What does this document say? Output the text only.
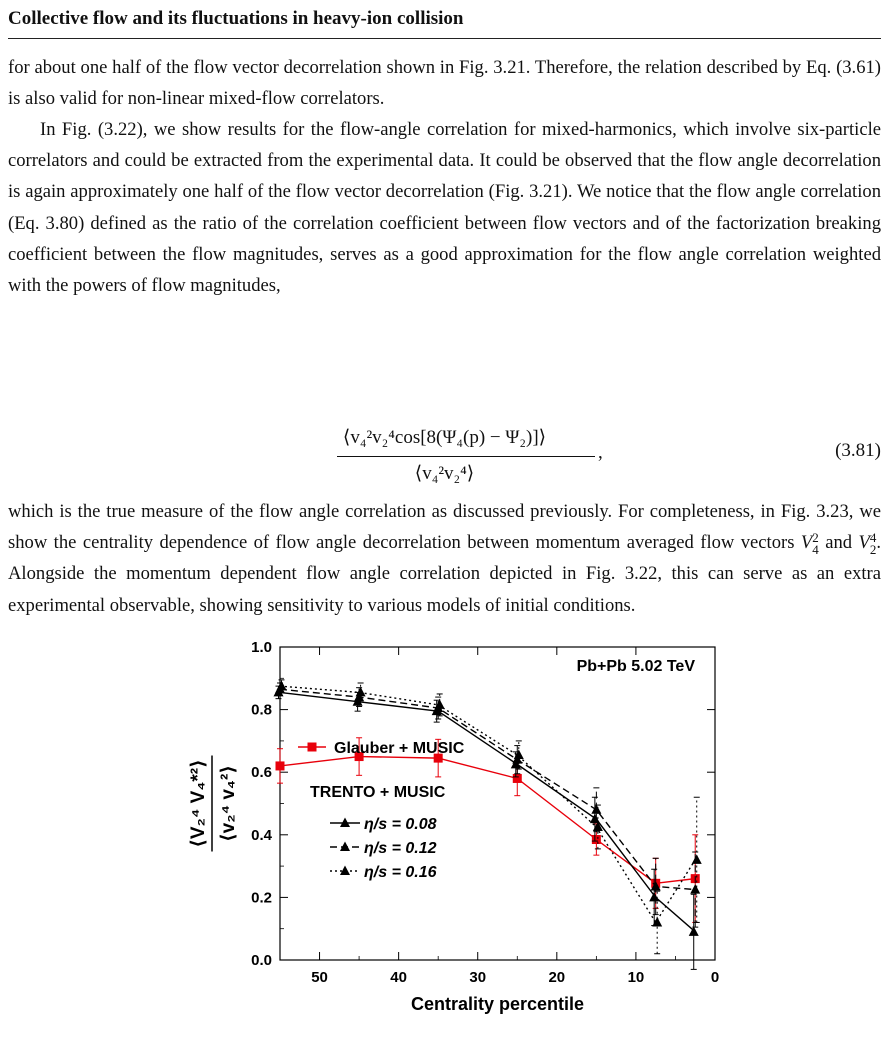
Collective flow and its fluctuations in heavy-ion collision

for about one half of the flow vector decorrelation shown in Fig. 3.21. Therefore, the relation described by Eq. (3.61) is also valid for non-linear mixed-flow correlators.

In Fig. (3.22), we show results for the flow-angle correlation for mixed-harmonics, which involve six-particle correlators and could be extracted from the experimental data. It could be observed that the flow angle decorrelation is again approximately one half of the flow vector decorrelation (Fig. 3.21). We notice that the flow angle correlation (Eq. 3.80) defined as the ratio of the correlation coefficient between flow vectors and of the factorization breaking coefficient between the flow magnitudes, serves as a good approximation for the flow angle correlation weighted with the powers of flow magnitudes,

⟨v₄²v₂⁴cos[8(Ψ₄(p) − Ψ₂)]⟩
⟨v₄²v₂⁴⟩
,	(3.81)

which is the true measure of the flow angle correlation as discussed previously. For completeness, in Fig. 3.23, we show the centrality dependence of flow angle decorrelation between momentum averaged flow vectors V 2
4 and V 4
2 . Alongside the momentum dependent flow angle correlation depicted in Fig. 3.22, this can serve as an extra experimental observable, showing sensitivity to various models of initial conditions.

50	40	30	20	10	0
0.0
0.2
0.4
0.6
0.8
1.0
Centrality percentile
⟨V₂⁴ V₄*²⟩ ⟨v₂⁴ v₄²⟩
Pb+Pb 5.02 TeV
Glauber + MUSIC
TRENTO + MUSIC
η/s = 0.08
η/s = 0.12
η/s = 0.16
